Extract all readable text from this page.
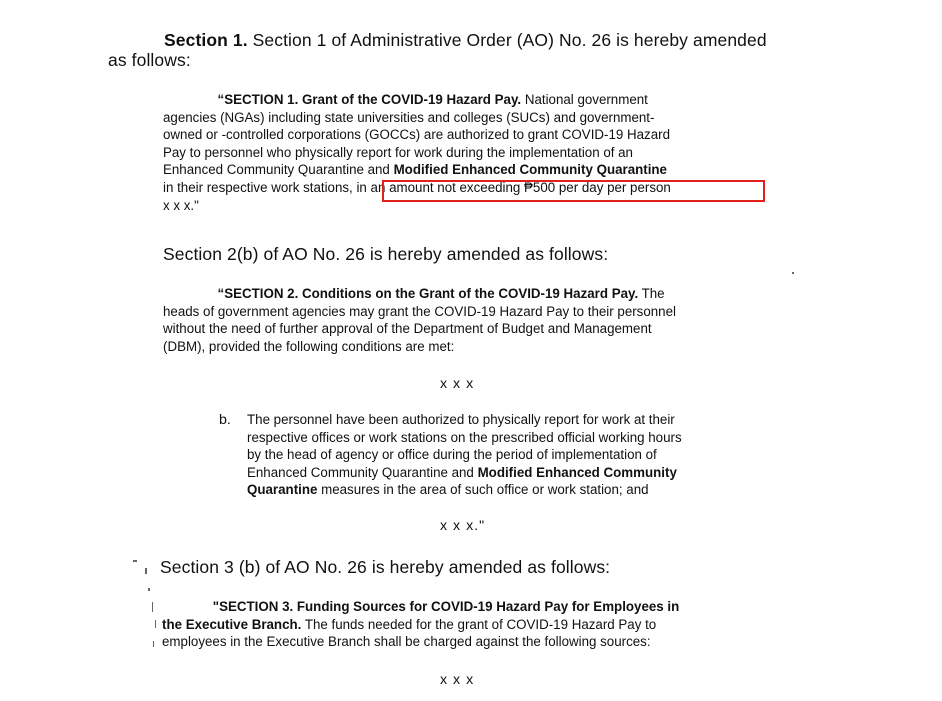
Section 1. Section 1 of Administrative Order (AO) No. 26 is hereby amended
as follows:
“SECTION 1. Grant of the COVID-19 Hazard Pay. National government
agencies (NGAs) including state universities and colleges (SUCs) and government-
owned or -controlled corporations (GOCCs) are authorized to grant COVID-19 Hazard
Pay to personnel who physically report for work during the implementation of an
Enhanced Community Quarantine and Modified Enhanced Community Quarantine
in their respective work stations, in an amount not exceeding ₱500 per day per person
x x x."
Section 2(b) of AO No. 26 is hereby amended as follows:
“SECTION 2. Conditions on the Grant of the COVID-19 Hazard Pay. The
heads of government agencies may grant the COVID-19 Hazard Pay to their personnel
without the need of further approval of the Department of Budget and Management
(DBM), provided the following conditions are met:
x x x
b. The personnel have been authorized to physically report for work at their
respective offices or work stations on the prescribed official working hours
by the head of agency or office during the period of implementation of
Enhanced Community Quarantine and Modified Enhanced Community
Quarantine measures in the area of such office or work station; and
x x x."
Section 3 (b) of AO No. 26 is hereby amended as follows:
"SECTION 3. Funding Sources for COVID-19 Hazard Pay for Employees in
the Executive Branch. The funds needed for the grant of COVID-19 Hazard Pay to
employees in the Executive Branch shall be charged against the following sources:
x x x
